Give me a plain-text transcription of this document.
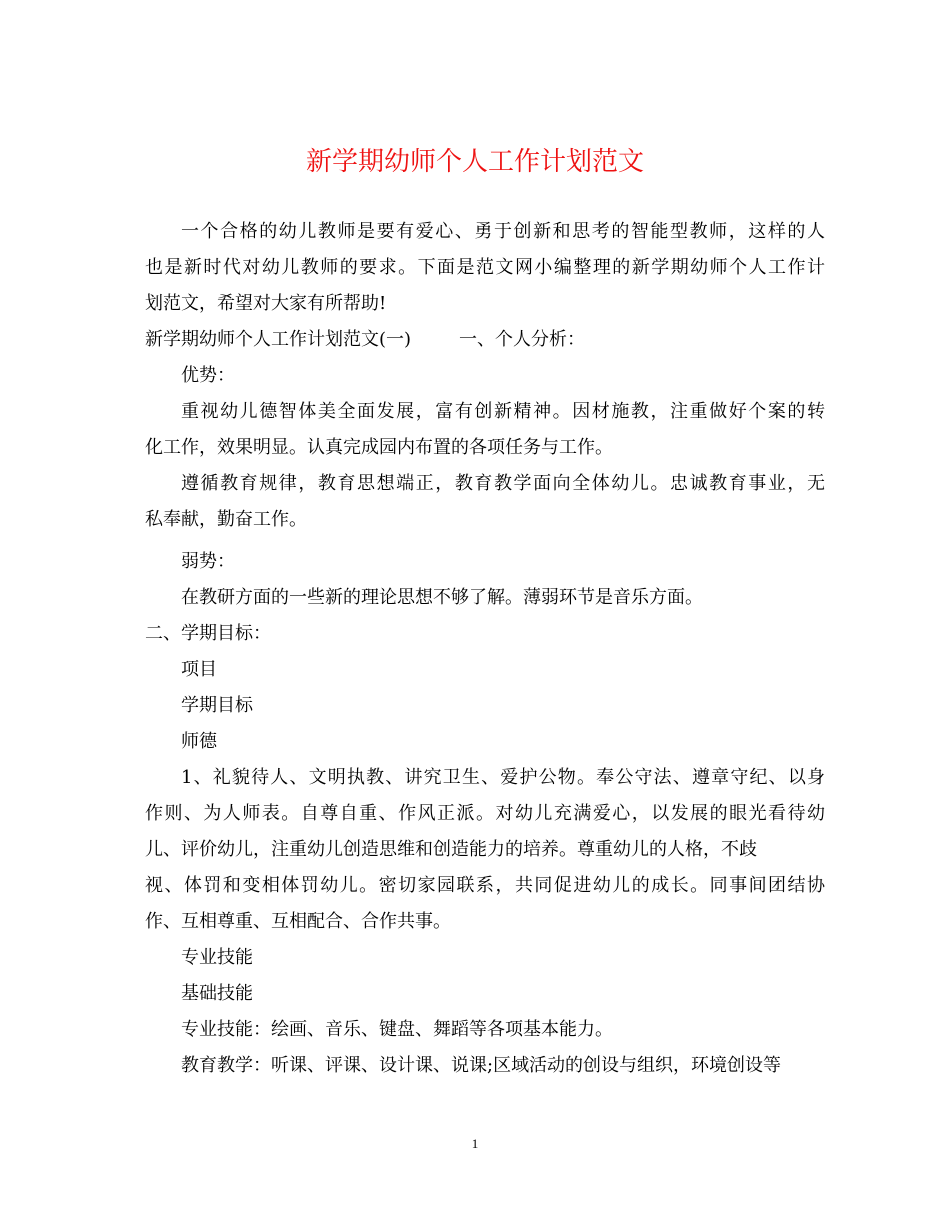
新学期幼师个人工作计划范文

一个合格的幼儿教师是要有爱心、勇于创新和思考的智能型教师，这样的人

也是新时代对幼儿教师的要求。下面是范文网小编整理的新学期幼师个人工作计

划范文，希望对大家有所帮助!

新学期幼师个人工作计划范文(一)	一、个人分析：

优势：

重视幼儿德智体美全面发展，富有创新精神。因材施教，注重做好个案的转

化工作，效果明显。认真完成园内布置的各项任务与工作。

遵循教育规律，教育思想端正，教育教学面向全体幼儿。忠诚教育事业，无

私奉献，勤奋工作。

弱势：

在教研方面的一些新的理论思想不够了解。薄弱环节是音乐方面。

二、学期目标：

项目

学期目标

师德

1、礼貌待人、文明执教、讲究卫生、爱护公物。奉公守法、遵章守纪、以身

作则、为人师表。自尊自重、作风正派。对幼儿充满爱心，以发展的眼光看待幼

儿、评价幼儿，注重幼儿创造思维和创造能力的培养。尊重幼儿的人格，不歧

视、体罚和变相体罚幼儿。密切家园联系，共同促进幼儿的成长。同事间团结协

作、互相尊重、互相配合、合作共事。

专业技能

基础技能

专业技能：绘画、音乐、键盘、舞蹈等各项基本能力。

教育教学：听课、评课、设计课、说课;区域活动的创设与组织，环境创设等

1
